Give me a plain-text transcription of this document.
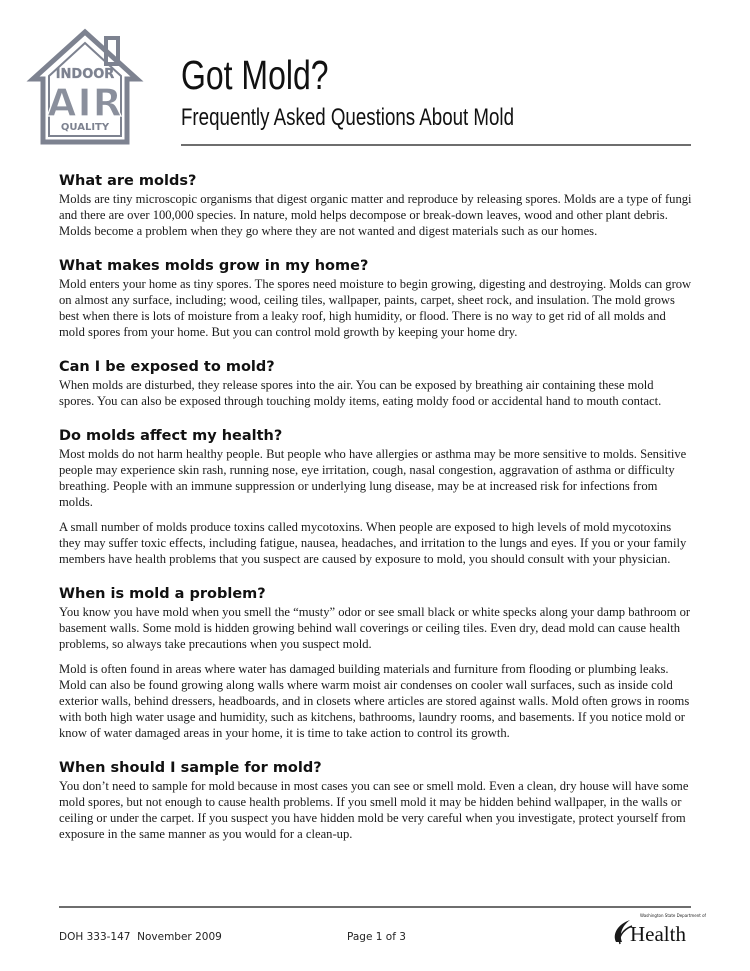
INDOOR
AIR
QUALITY
Got Mold?
Frequently Asked Questions About Mold
What are molds?

Molds are tiny microscopic organisms that digest organic matter and reproduce by releasing spores. Molds are a type of fungi and there are over 100,000 species. In nature, mold helps decompose or break-down leaves, wood and other plant debris. Molds become a problem when they go where they are not wanted and digest materials such as our homes.

What makes molds grow in my home?

Mold enters your home as tiny spores. The spores need moisture to begin growing, digesting and destroying. Molds can grow on almost any surface, including; wood, ceiling tiles, wallpaper, paints, carpet, sheet rock, and insulation. The mold grows best when there is lots of moisture from a leaky roof, high humidity, or flood. There is no way to get rid of all molds and mold spores from your home. But you can control mold growth by keeping your home dry.

Can I be exposed to mold?

When molds are disturbed, they release spores into the air. You can be exposed by breathing air containing these mold spores. You can also be exposed through touching moldy items, eating moldy food or accidental hand to mouth contact.

Do molds affect my health?

Most molds do not harm healthy people. But people who have allergies or asthma may be more sensitive to molds. Sensitive people may experience skin rash, running nose, eye irritation, cough, nasal congestion, aggravation of asthma or difficulty breathing. People with an immune suppression or underlying lung disease, may be at increased risk for infections from molds.

A small number of molds produce toxins called mycotoxins. When people are exposed to high levels of mold mycotoxins they may suffer toxic effects, including fatigue, nausea, headaches, and irritation to the lungs and eyes. If you or your family members have health problems that you suspect are caused by exposure to mold, you should consult with your physician.

When is mold a problem?

You know you have mold when you smell the “musty” odor or see small black or white specks along your damp bathroom or basement walls. Some mold is hidden growing behind wall coverings or ceiling tiles. Even dry, dead mold can cause health problems, so always take precautions when you suspect mold.

Mold is often found in areas where water has damaged building materials and furniture from flooding or plumbing leaks. Mold can also be found growing along walls where warm moist air condenses on cooler wall surfaces, such as inside cold exterior walls, behind dressers, headboards, and in closets where articles are stored against walls. Mold often grows in rooms with both high water usage and humidity, such as kitchens, bathrooms, laundry rooms, and basements. If you notice mold or know of water damaged areas in your home, it is time to take action to control its growth.

When should I sample for mold?

You don’t need to sample for mold because in most cases you can see or smell mold. Even a clean, dry house will have some mold spores, but not enough to cause health problems. If you smell mold it may be hidden behind wallpaper, in the walls or ceiling or under the carpet. If you suspect you have hidden mold be very careful when you investigate, protect yourself from exposure in the same manner as you would for a clean-up.

DOH 333-147  November 2009	Page 1 of 3
Washington State Department of
Health
